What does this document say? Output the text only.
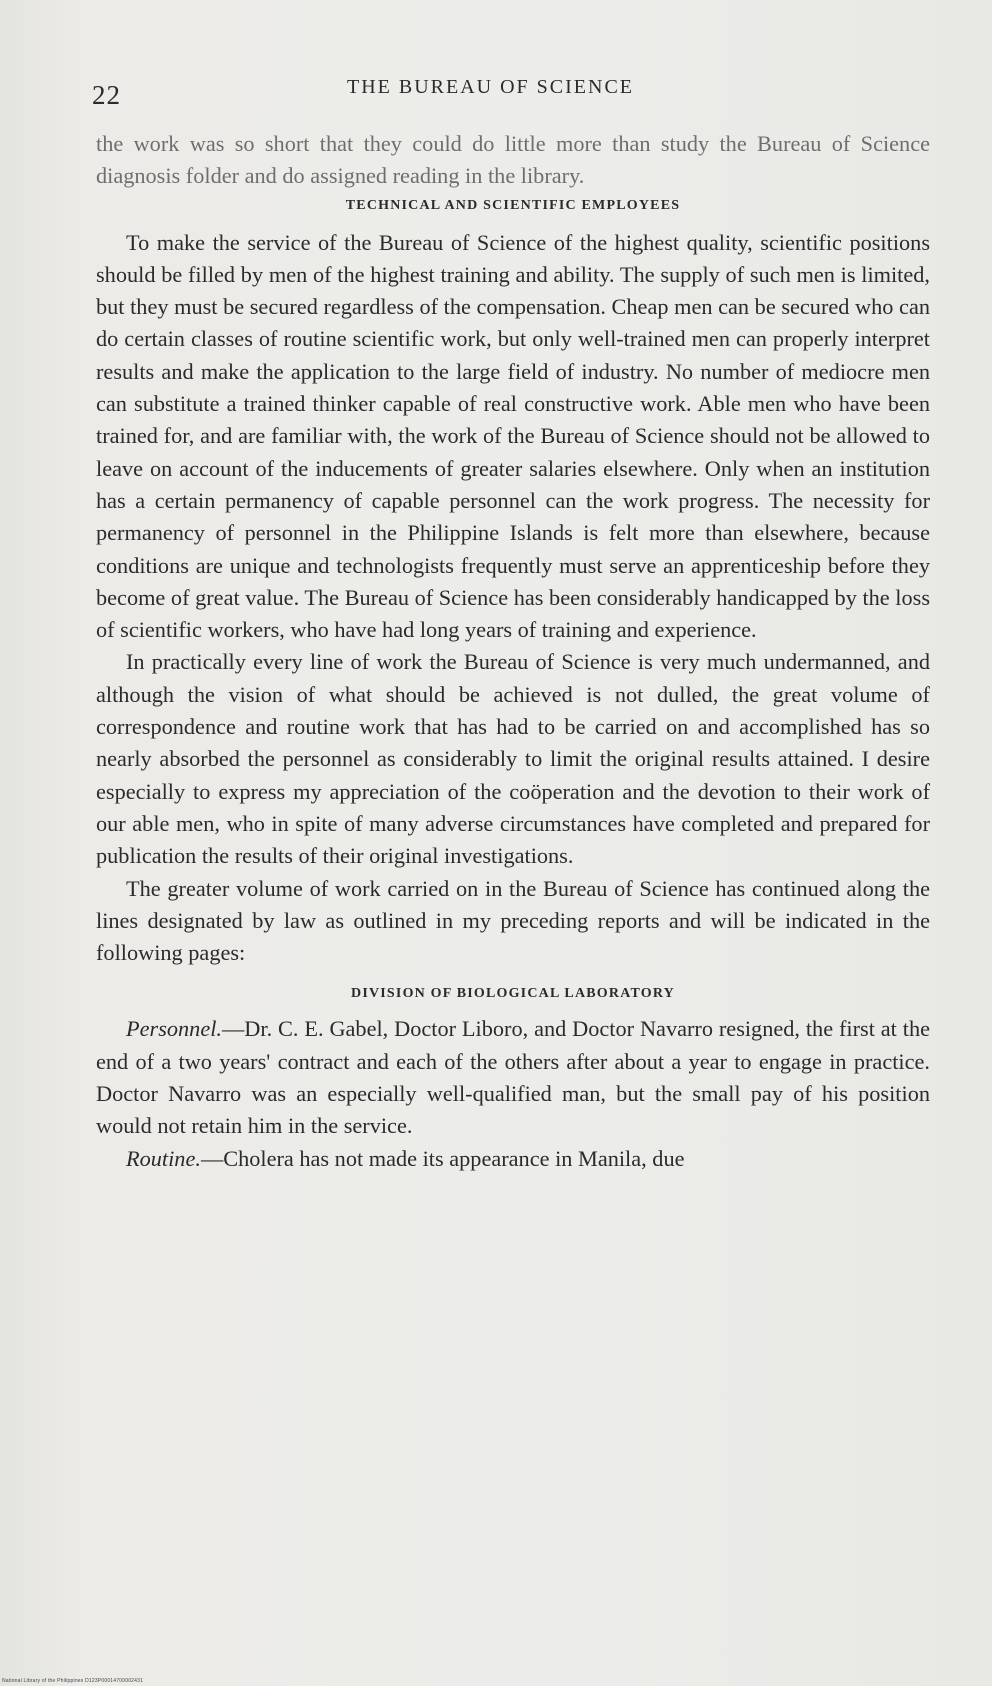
22	THE BUREAU OF SCIENCE

the work was so short that they could do little more than study the Bureau of Science diagnosis folder and do assigned reading in the library.

TECHNICAL AND SCIENTIFIC EMPLOYEES

To make the service of the Bureau of Science of the highest quality, scientific positions should be filled by men of the highest training and ability. The supply of such men is limited, but they must be secured regardless of the compensation. Cheap men can be secured who can do certain classes of routine scientific work, but only well-trained men can properly interpret results and make the application to the large field of industry. No number of mediocre men can substitute a trained thinker capable of real constructive work. Able men who have been trained for, and are familiar with, the work of the Bureau of Science should not be allowed to leave on account of the inducements of greater salaries elsewhere. Only when an institution has a certain permanency of capable personnel can the work progress. The necessity for permanency of personnel in the Philippine Islands is felt more than elsewhere, because conditions are unique and technologists frequently must serve an apprenticeship before they become of great value. The Bureau of Science has been considerably handicapped by the loss of scientific workers, who have had long years of training and experience.

In practically every line of work the Bureau of Science is very much undermanned, and although the vision of what should be achieved is not dulled, the great volume of correspondence and routine work that has had to be carried on and accomplished has so nearly absorbed the personnel as considerably to limit the original results attained. I desire especially to express my appreciation of the coöperation and the devotion to their work of our able men, who in spite of many adverse circumstances have completed and prepared for publication the results of their original investigations.

The greater volume of work carried on in the Bureau of Science has continued along the lines designated by law as outlined in my preceding reports and will be indicated in the following pages:

DIVISION OF BIOLOGICAL LABORATORY

Personnel.—Dr. C. E. Gabel, Doctor Liboro, and Doctor Navarro resigned, the first at the end of a two years' contract and each of the others after about a year to engage in practice. Doctor Navarro was an especially well-qualified man, but the small pay of his position would not retain him in the service.

Routine.—Cholera has not made its appearance in Manila, due

National Library of the Philippines D123P00014700002431
